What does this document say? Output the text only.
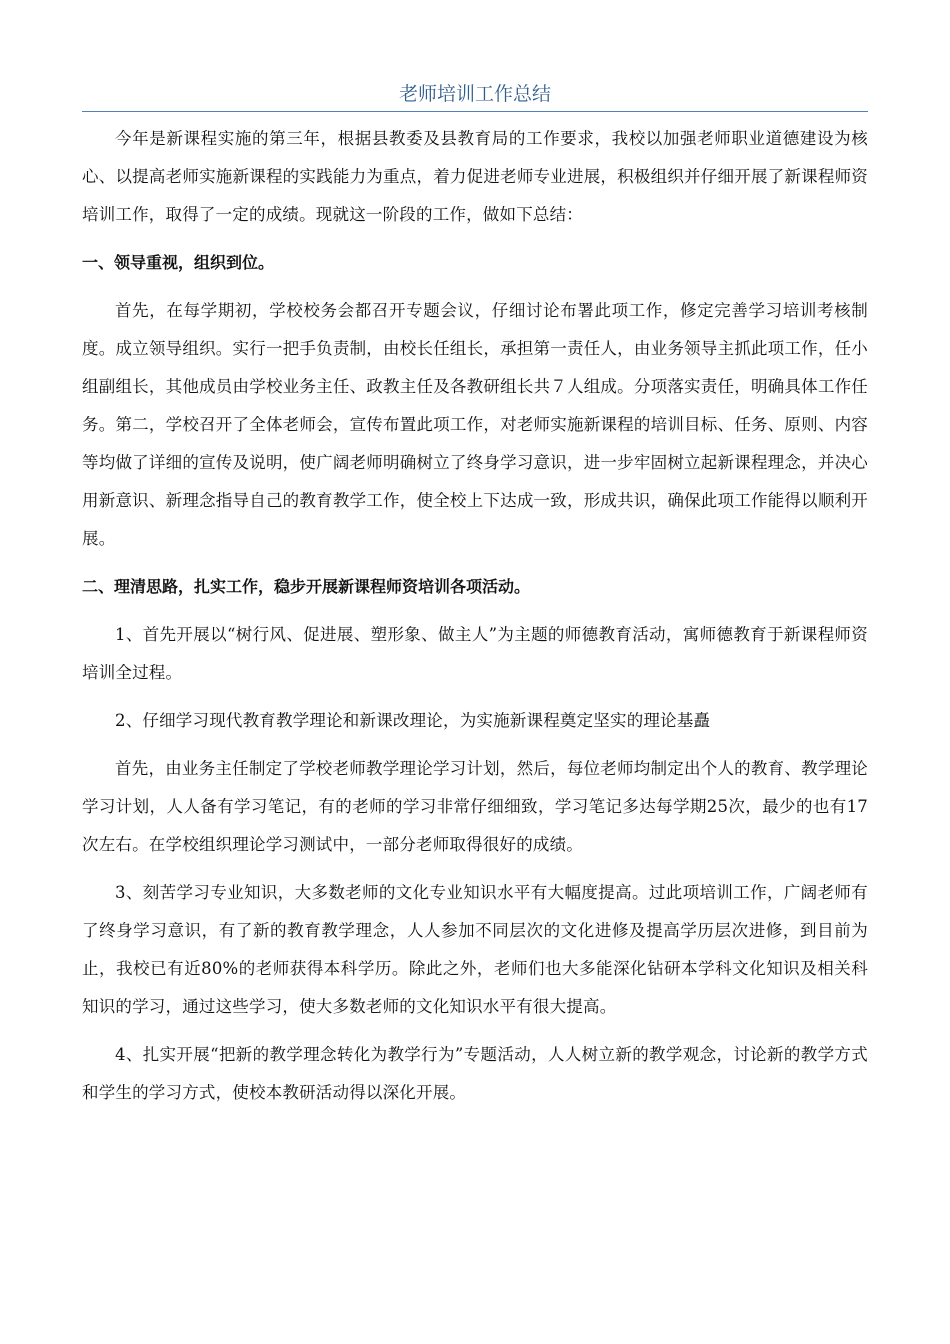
老师培训工作总结

今年是新课程实施的第三年，根据县教委及县教育局的工作要求，我校以加强老师职业道德建设为核心、以提高老师实施新课程的实践能力为重点，着力促进老师专业进展，积极组织并仔细开展了新课程师资培训工作，取得了一定的成绩。现就这一阶段的工作，做如下总结：

一、领导重视，组织到位。

首先，在每学期初，学校校务会都召开专题会议，仔细讨论布署此项工作，修定完善学习培训考核制度。成立领导组织。实行一把手负责制，由校长任组长，承担第一责任人，由业务领导主抓此项工作，任小组副组长，其他成员由学校业务主任、政教主任及各教研组长共７人组成。分项落实责任，明确具体工作任务。第二，学校召开了全体老师会，宣传布置此项工作，对老师实施新课程的培训目标、任务、原则、内容等均做了详细的宣传及说明，使广阔老师明确树立了终身学习意识，进一步牢固树立起新课程理念，并决心用新意识、新理念指导自己的教育教学工作，使全校上下达成一致，形成共识，确保此项工作能得以顺利开展。

二、理清思路，扎实工作，稳步开展新课程师资培训各项活动。

1、首先开展以“树行风、促进展、塑形象、做主人”为主题的师德教育活动，寓师德教育于新课程师资培训全过程。

2、仔细学习现代教育教学理论和新课改理论，为实施新课程奠定坚实的理论基矗

首先，由业务主任制定了学校老师教学理论学习计划，然后，每位老师均制定出个人的教育、教学理论学习计划，人人备有学习笔记，有的老师的学习非常仔细细致，学习笔记多达每学期25次，最少的也有17次左右。在学校组织理论学习测试中，一部分老师取得很好的成绩。

3、刻苦学习专业知识，大多数老师的文化专业知识水平有大幅度提高。过此项培训工作，广阔老师有了终身学习意识，有了新的教育教学理念，人人参加不同层次的文化进修及提高学历层次进修，到目前为止，我校已有近80%的老师获得本科学历。除此之外，老师们也大多能深化钻研本学科文化知识及相关科知识的学习，通过这些学习，使大多数老师的文化知识水平有很大提高。

4、扎实开展“把新的教学理念转化为教学行为”专题活动，人人树立新的教学观念，讨论新的教学方式和学生的学习方式，使校本教研活动得以深化开展。
